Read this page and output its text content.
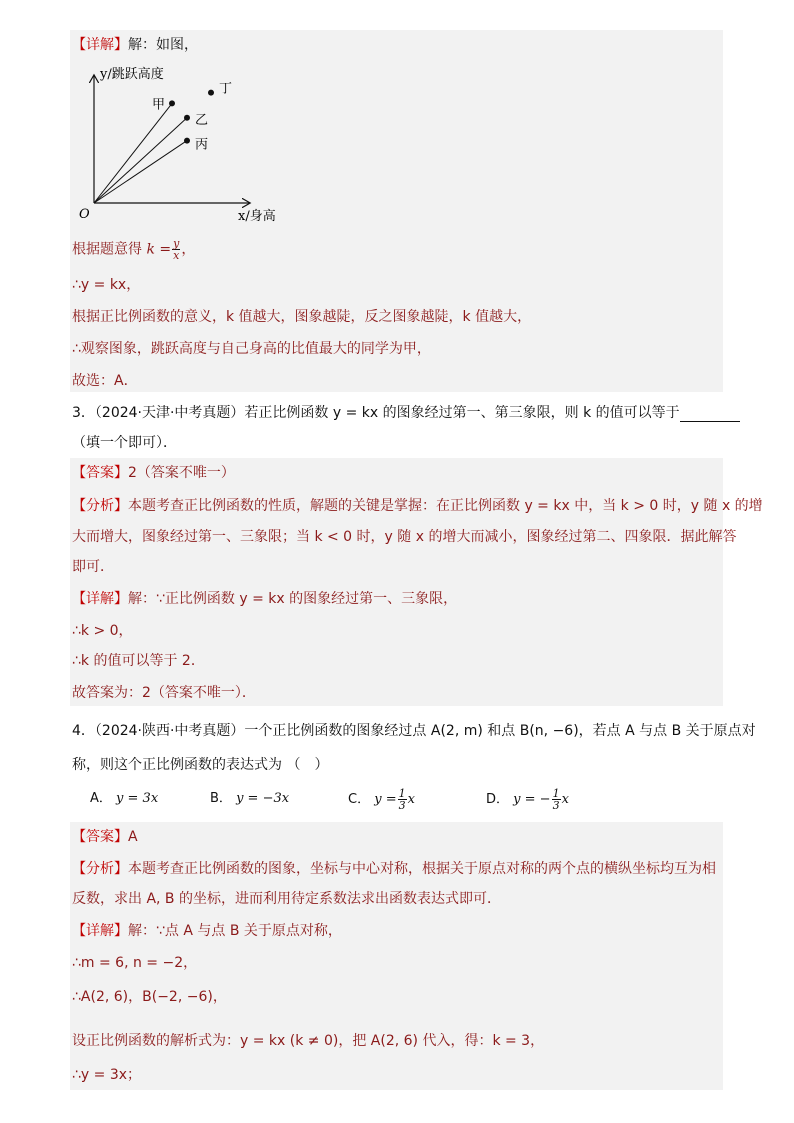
【详解】解：如图，
y/跳跃高度
x/身高
O
甲
丁
乙
丙
根据题意得 $k = \frac{y}{x}$ ，
∴y = kx，
根据正比例函数的意义，k 值越大，图象越陡，反之图象越陡，k 值越大，
∴观察图象，跳跃高度与自己身高的比值最大的同学为甲，
故选：A．
3．（2024·天津·中考真题）若正比例函数 y = kx 的图象经过第一、第三象限，则 k 的值可以等于
（填一个即可）．
【答案】2（答案不唯一）
【分析】本题考查正比例函数的性质，解题的关键是掌握：在正比例函数 y = kx 中，当 k > 0 时，y 随 x 的增
大而增大，图象经过第一、三象限；当 k < 0 时，y 随 x 的增大而减小，图象经过第二、四象限．据此解答
即可．
【详解】解：∵正比例函数 y = kx 的图象经过第一、三象限，
∴k > 0，
∴k 的值可以等于 2．
故答案为：2（答案不唯一）．
4．（2024·陕西·中考真题）一个正比例函数的图象经过点 A(2, m) 和点 B(n, −6)，若点 A 与点 B 关于原点对
称，则这个正比例函数的表达式为 （　）
A． y = 3x	B． y = −3x	C． $y = \frac{1}{3}$ x	D． y = − $\frac{1}{3}$ x
【答案】A
【分析】本题考查正比例函数的图象，坐标与中心对称，根据关于原点对称的两个点的横纵坐标均互为相
反数，求出 A, B 的坐标，进而利用待定系数法求出函数表达式即可．
【详解】解：∵点 A 与点 B 关于原点对称，
∴m = 6, n = −2，
∴A(2, 6)，B(−2, −6)，
设正比例函数的解析式为：y = kx (k ≠ 0)，把 A(2, 6) 代入，得：k = 3，
∴y = 3x；
